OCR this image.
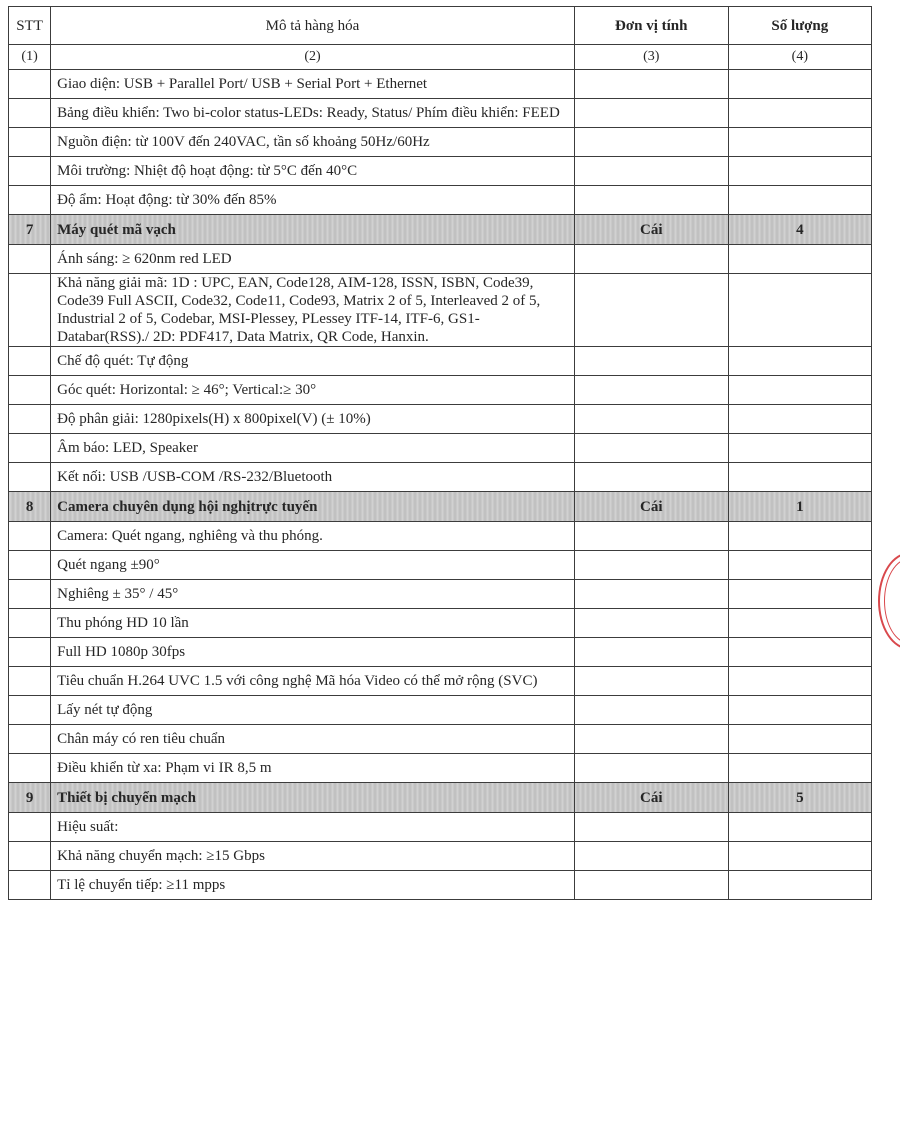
STT	Mô tả hàng hóa	Đơn vị tính	Số lượng
(1)	(2)	(3)	(4)
	Giao diện: USB + Parallel Port/ USB + Serial Port + Ethernet		
	Bảng điều khiển: Two bi-color status-LEDs: Ready, Status/ Phím điều khiển: FEED		
	Nguồn điện: từ 100V đến 240VAC, tần số khoảng 50Hz/60Hz		
	Môi trường: Nhiệt độ hoạt động: từ 5°C đến 40°C		
	Độ ẩm: Hoạt động: từ 30% đến 85%		
7	Máy quét mã vạch	Cái	4
	Ánh sáng: ≥ 620nm red LED		
	Khả năng giải mã: 1D : UPC, EAN, Code128, AIM-128, ISSN, ISBN, Code39, Code39 Full ASCII, Code32, Code11, Code93, Matrix 2 of 5, Interleaved 2 of 5, Industrial 2 of 5, Codebar, MSI-Plessey, PLessey ITF-14, ITF-6, GS1-Databar(RSS)./ 2D: PDF417, Data Matrix, QR Code, Hanxin.		
	Chế độ quét: Tự động		
	Góc quét: Horizontal: ≥ 46°; Vertical:≥ 30°		
	Độ phân giải: 1280pixels(H) x 800pixel(V) (± 10%)		
	Âm báo: LED, Speaker		
	Kết nối: USB /USB-COM /RS-232/Bluetooth		
8	Camera chuyên dụng hội nghịtrực tuyến	Cái	1
	Camera: Quét ngang, nghiêng và thu phóng.		
	Quét ngang ±90°		
	Nghiêng ± 35° / 45°		
	Thu phóng HD 10 lần		
	Full HD 1080p 30fps		
	Tiêu chuẩn H.264 UVC 1.5 với công nghệ Mã hóa Video có thể mở rộng (SVC)		
	Lấy nét tự động		
	Chân máy có ren tiêu chuẩn		
	Điều khiển từ xa: Phạm vi IR 8,5 m		
9	Thiết bị chuyển mạch	Cái	5
	Hiệu suất:		
	Khả năng chuyển mạch: ≥15 Gbps		
	Tỉ lệ chuyển tiếp: ≥11 mpps		
